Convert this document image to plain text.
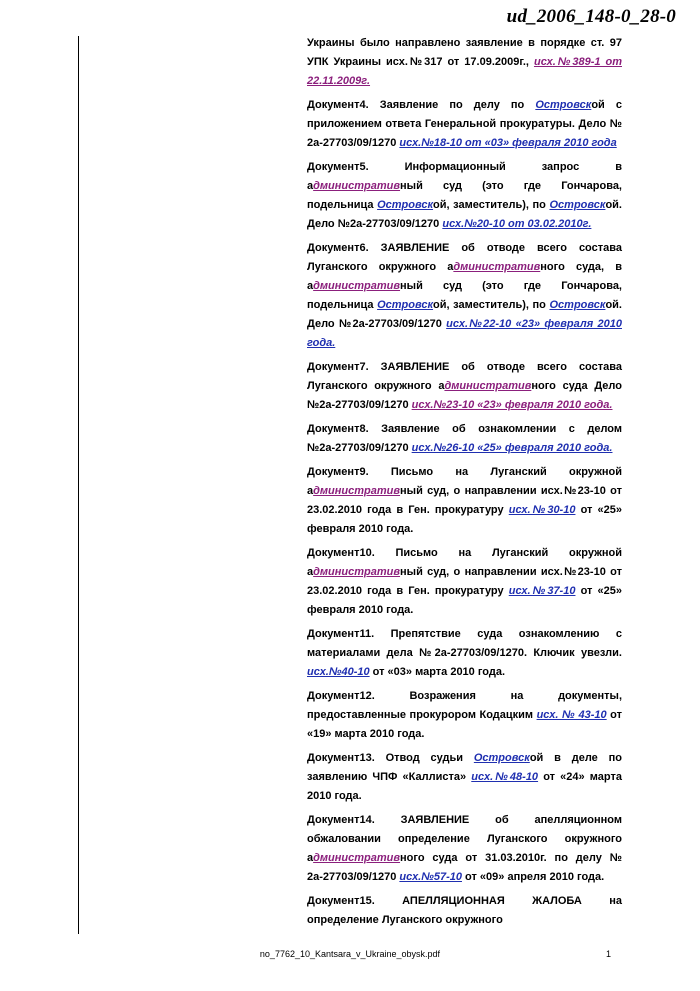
ud_2006_148-0_28-0

Украины было направлено заявление в порядке ст. 97 УПК Украины исх.№317 от 17.09.2009г., исх.№389-1 от 22.11.2009г.

Документ4. Заявление по делу по Островской с приложением ответа Генеральной прокуратуры. Дело № 2а-27703/09/1270 исх.№18-10 от «03» февраля 2010 года

Документ5. Информационный запрос в административный суд (это где Гончарова, подельница Островской, заместитель), по Островской. Дело №2а-27703/09/1270 исх.№20-10 от 03.02.2010г.

Документ6. ЗАЯВЛЕНИЕ об отводе всего состава Луганского окружного административного суда, в административный суд (это где Гончарова, подельница Островской, заместитель), по Островской. Дело №2а-27703/09/1270 исх.№22-10 «23» февраля 2010 года.

Документ7. ЗАЯВЛЕНИЕ об отводе всего состава Луганского окружного административного суда Дело №2а-27703/09/1270 исх.№23-10 «23» февраля 2010 года.

Документ8. Заявление об ознакомлении с делом №2а-27703/09/1270 исх.№26-10 «25» февраля 2010 года.

Документ9. Письмо на Луганский окружной административный суд, о направлении исх.№23-10 от 23.02.2010 года в Ген. прокуратуру исх.№30-10 от «25» февраля 2010 года.

Документ10. Письмо на Луганский окружной административный суд, о направлении исх.№23-10 от 23.02.2010 года в Ген. прокуратуру исх.№37-10 от «25» февраля 2010 года.

Документ11. Препятствие суда ознакомлению с материалами дела №2а-27703/09/1270. Ключик увезли. исх.№40-10 от «03» марта 2010 года.

Документ12. Возражения на документы, предоставленные прокурором Кодацким исх. № 43-10 от «19» марта 2010 года.

Документ13. Отвод судьи Островской в деле по заявлению ЧПФ «Каллиста» исх.№48-10 от «24» марта 2010 года.

Документ14. ЗАЯВЛЕНИЕ об апелляционном обжаловании определение Луганского окружного административного суда от 31.03.2010г. по делу № 2а-27703/09/1270 исх.№57-10 от «09» апреля 2010 года.

Документ15. АПЕЛЛЯЦИОННАЯ ЖАЛОБА на определение Луганского окружного

no_7762_10_Kantsara_v_Ukraine_obysk.pdf	1
